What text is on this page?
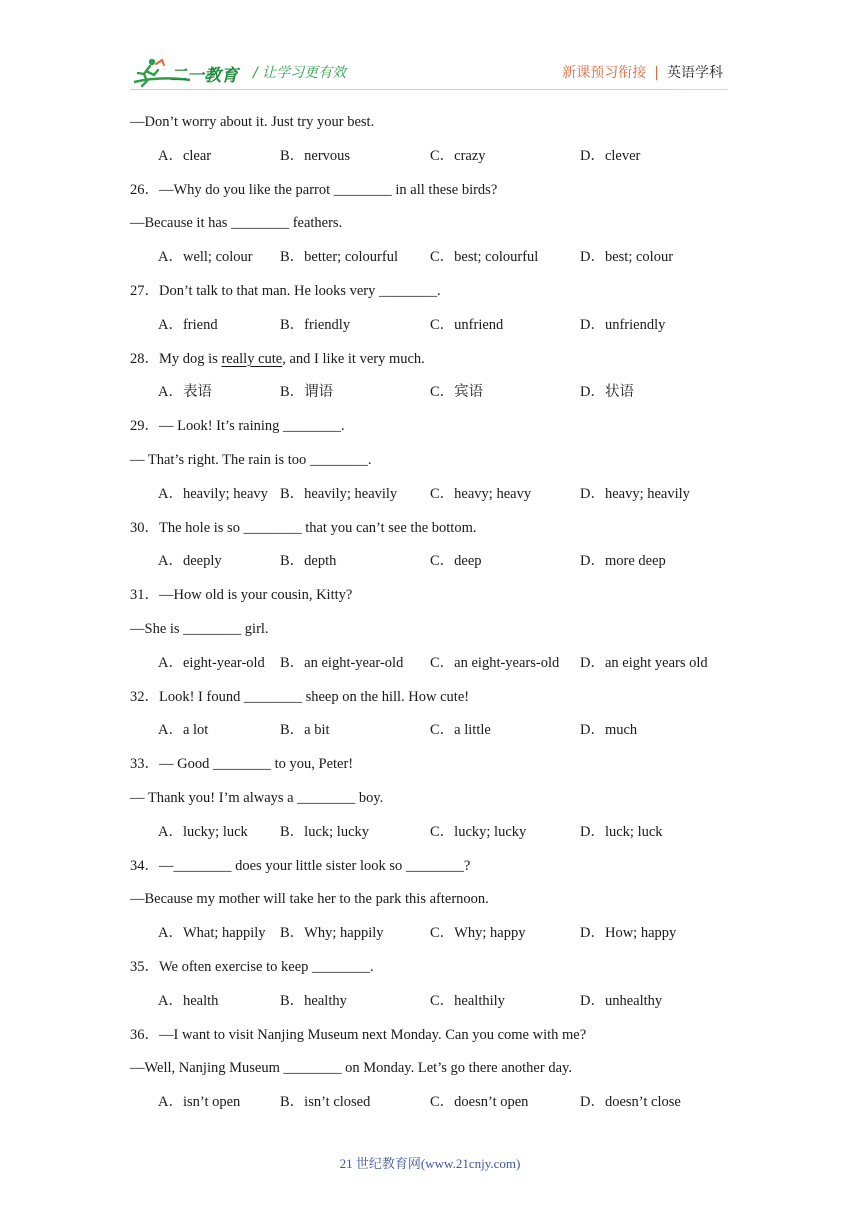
二一教育 / 让学习更有效	新课预习衔接 | 英语学科
—Don’t worry about it. Just try your best.
A．clear	B．nervous	C．crazy	D．clever
26．—Why do you like the parrot ________ in all these birds?
—Because it has ________ feathers.
A．well; colour B．better; colourful C．best; colourful	D．best; colour
27．Don’t talk to that man. He looks very ________.
A．friend	B．friendly	C．unfriend	D．unfriendly
28．My dog is really cute, and I like it very much.
A．表语	B．谓语	C．宾语	D．状语
29．— Look! It’s raining ________.
— That’s right. The rain is too ________.
A．heavily; heavy B．heavily; heavily C．heavy; heavy	D．heavy; heavily
30．The hole is so ________ that you can’t see the bottom.
A．deeply	B．depth	C．deep	D．more deep
31．—How old is your cousin, Kitty?
—She is ________ girl.
A．eight-year-old B．an eight-year-old C．an eight-years-old D．an eight years old
32．Look! I found ________ sheep on the hill. How cute!
A．a lot	B．a bit	C．a little	D．much
33．— Good ________ to you, Peter!
— Thank you! I’m always a ________ boy.
A．lucky; luck B．luck; lucky	C．lucky; lucky	D．luck; luck
34．—________ does your little sister look so ________?
—Because my mother will take her to the park this afternoon.
A．What; happily B．Why; happily	C．Why; happy	D．How; happy
35．We often exercise to keep ________.
A．health	B．healthy	C．healthily	D．unhealthy
36．—I want to visit Nanjing Museum next Monday. Can you come with me?
—Well, Nanjing Museum ________ on Monday. Let’s go there another day.
A．isn’t open	B．isn’t closed	C．doesn’t open	D．doesn’t close
21 世纪教育网(www.21cnjy.com)
